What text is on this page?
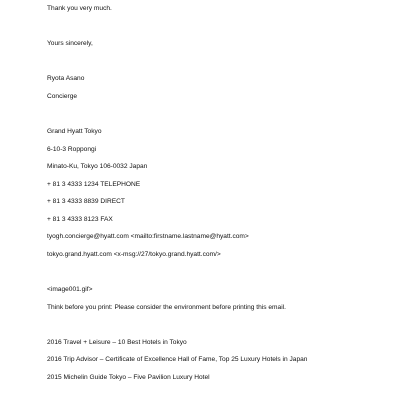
Thank you very much.
Yours sincerely,
Ryota Asano
Concierge
Grand Hyatt Tokyo
6-10-3 Roppongi
Minato-Ku, Tokyo 106-0032 Japan
+ 81 3 4333 1234 TELEPHONE
+ 81 3 4333 8839 DIRECT
+ 81 3 4333 8123 FAX
tyogh.concierge@hyatt.com <mailto:firstname.lastname@hyatt.com>
tokyo.grand.hyatt.com <x-msg://27/tokyo.grand.hyatt.com/>
<image001.gif>
Think before you print: Please consider the environment before printing this email.
2016 Travel + Leisure – 10 Best Hotels in Tokyo
2016 Trip Advisor – Certificate of Excellence Hall of Fame, Top 25 Luxury Hotels in Japan
2015 Michelin Guide Tokyo – Five Pavilion Luxury Hotel
